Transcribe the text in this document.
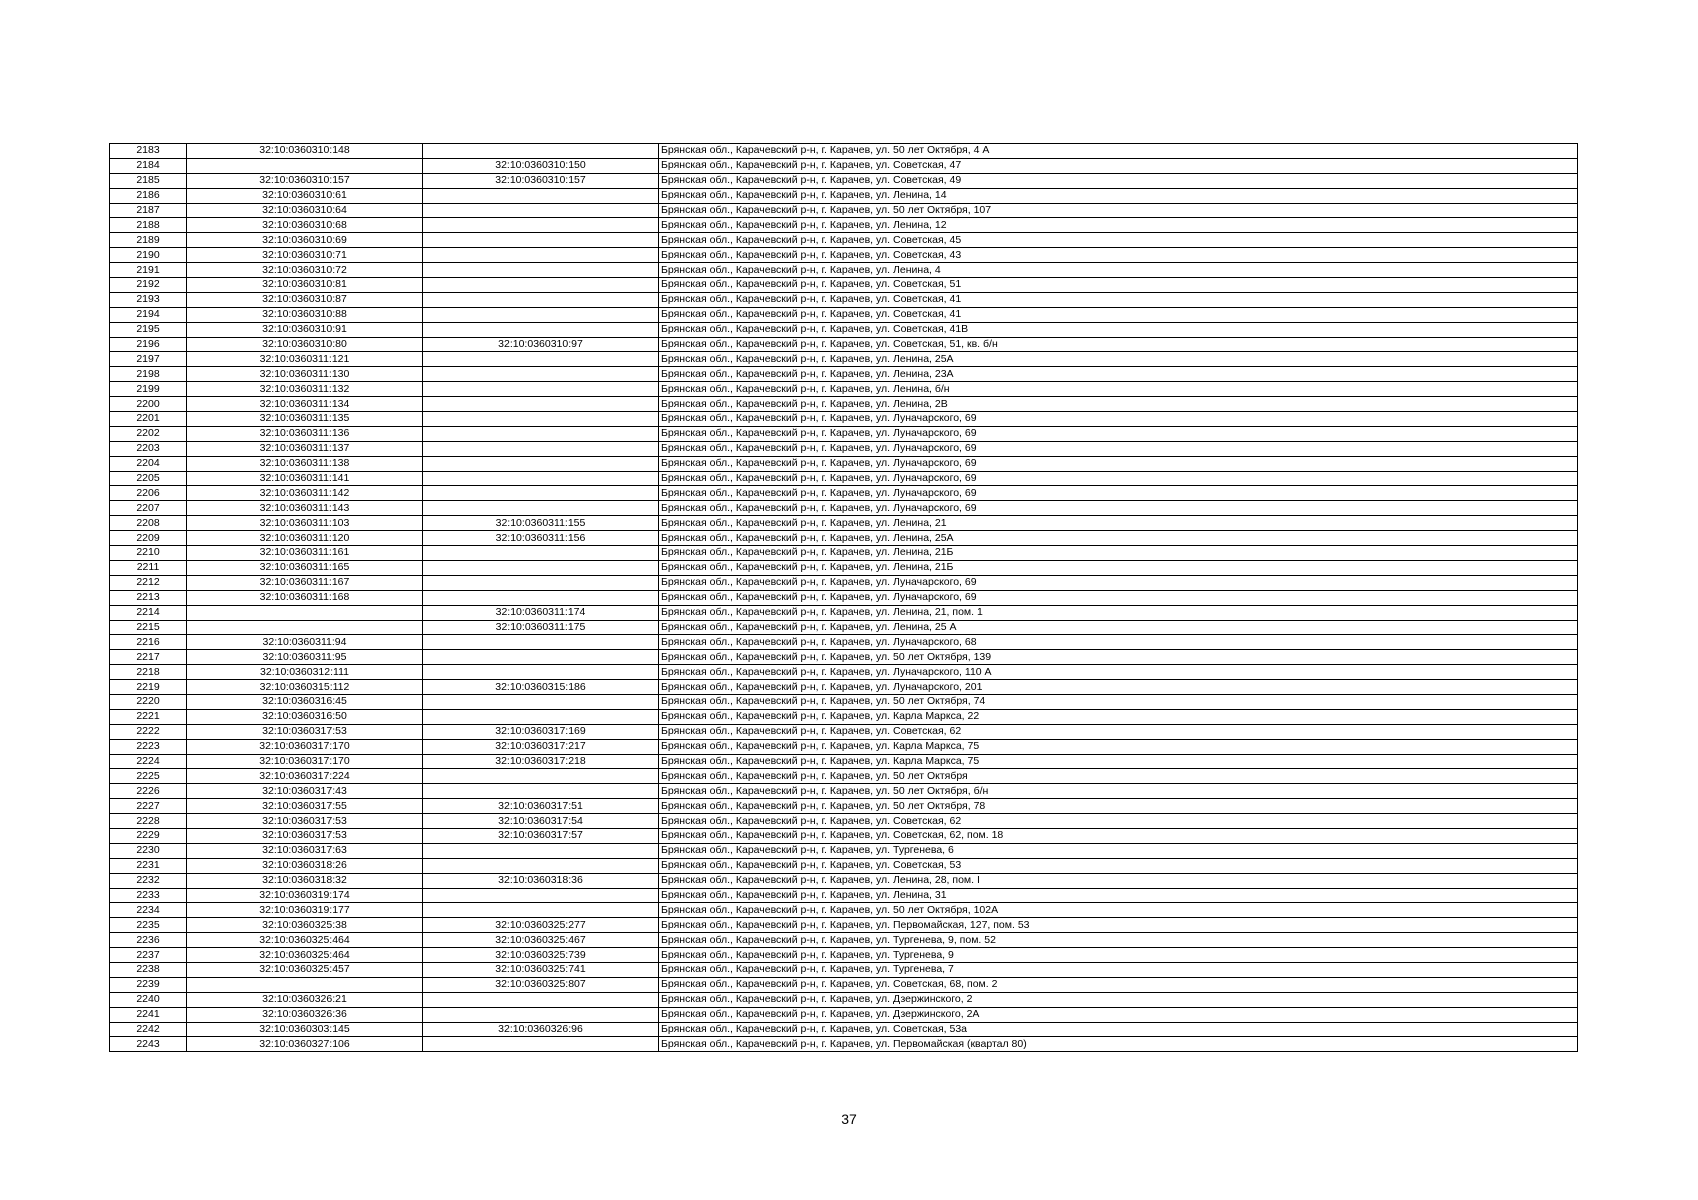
2183	32:10:0360310:148		Брянская обл., Карачевский р-н, г. Карачев, ул. 50 лет Октября, 4 А
2184		32:10:0360310:150	Брянская обл., Карачевский р-н, г. Карачев, ул. Советская, 47
2185	32:10:0360310:157	32:10:0360310:157	Брянская обл., Карачевский р-н, г. Карачев, ул. Советская, 49
2186	32:10:0360310:61		Брянская обл., Карачевский р-н, г. Карачев, ул. Ленина, 14
2187	32:10:0360310:64		Брянская обл., Карачевский р-н, г. Карачев, ул. 50 лет Октября, 107
2188	32:10:0360310:68		Брянская обл., Карачевский р-н, г. Карачев, ул. Ленина, 12
2189	32:10:0360310:69		Брянская обл., Карачевский р-н, г. Карачев, ул. Советская, 45
2190	32:10:0360310:71		Брянская обл., Карачевский р-н, г. Карачев, ул. Советская, 43
2191	32:10:0360310:72		Брянская обл., Карачевский р-н, г. Карачев, ул. Ленина, 4
2192	32:10:0360310:81		Брянская обл., Карачевский р-н, г. Карачев, ул. Советская, 51
2193	32:10:0360310:87		Брянская обл., Карачевский р-н, г. Карачев, ул. Советская, 41
2194	32:10:0360310:88		Брянская обл., Карачевский р-н, г. Карачев, ул. Советская, 41
2195	32:10:0360310:91		Брянская обл., Карачевский р-н, г. Карачев, ул. Советская, 41В
2196	32:10:0360310:80	32:10:0360310:97	Брянская обл., Карачевский р-н, г. Карачев, ул. Советская, 51, кв. б/н
2197	32:10:0360311:121		Брянская обл., Карачевский р-н, г. Карачев, ул. Ленина, 25А
2198	32:10:0360311:130		Брянская обл., Карачевский р-н, г. Карачев, ул. Ленина, 23А
2199	32:10:0360311:132		Брянская обл., Карачевский р-н, г. Карачев, ул. Ленина, б/н
2200	32:10:0360311:134		Брянская обл., Карачевский р-н, г. Карачев, ул. Ленина, 2В
2201	32:10:0360311:135		Брянская обл., Карачевский р-н, г. Карачев, ул. Луначарского, 69
2202	32:10:0360311:136		Брянская обл., Карачевский р-н, г. Карачев, ул. Луначарского, 69
2203	32:10:0360311:137		Брянская обл., Карачевский р-н, г. Карачев, ул. Луначарского, 69
2204	32:10:0360311:138		Брянская обл., Карачевский р-н, г. Карачев, ул. Луначарского, 69
2205	32:10:0360311:141		Брянская обл., Карачевский р-н, г. Карачев, ул. Луначарского, 69
2206	32:10:0360311:142		Брянская обл., Карачевский р-н, г. Карачев, ул. Луначарского, 69
2207	32:10:0360311:143		Брянская обл., Карачевский р-н, г. Карачев, ул. Луначарского, 69
2208	32:10:0360311:103	32:10:0360311:155	Брянская обл., Карачевский р-н, г. Карачев, ул. Ленина, 21
2209	32:10:0360311:120	32:10:0360311:156	Брянская обл., Карачевский р-н, г. Карачев, ул. Ленина, 25А
2210	32:10:0360311:161		Брянская обл., Карачевский р-н, г. Карачев, ул. Ленина, 21Б
2211	32:10:0360311:165		Брянская обл., Карачевский р-н, г. Карачев, ул. Ленина, 21Б
2212	32:10:0360311:167		Брянская обл., Карачевский р-н, г. Карачев, ул. Луначарского, 69
2213	32:10:0360311:168		Брянская обл., Карачевский р-н, г. Карачев, ул. Луначарского, 69
2214		32:10:0360311:174	Брянская обл., Карачевский р-н, г. Карачев, ул. Ленина, 21, пом. 1
2215		32:10:0360311:175	Брянская обл., Карачевский р-н, г. Карачев, ул. Ленина, 25 А
2216	32:10:0360311:94		Брянская обл., Карачевский р-н, г. Карачев, ул. Луначарского, 68
2217	32:10:0360311:95		Брянская обл., Карачевский р-н, г. Карачев, ул. 50 лет Октября, 139
2218	32:10:0360312:111		Брянская обл., Карачевский р-н, г. Карачев, ул. Луначарского, 110 А
2219	32:10:0360315:112	32:10:0360315:186	Брянская обл., Карачевский р-н, г. Карачев, ул. Луначарского, 201
2220	32:10:0360316:45		Брянская обл., Карачевский р-н, г. Карачев, ул. 50 лет Октября, 74
2221	32:10:0360316:50		Брянская обл., Карачевский р-н, г. Карачев, ул. Карла Маркса, 22
2222	32:10:0360317:53	32:10:0360317:169	Брянская обл., Карачевский р-н, г. Карачев, ул. Советская, 62
2223	32:10:0360317:170	32:10:0360317:217	Брянская обл., Карачевский р-н, г. Карачев, ул. Карла Маркса, 75
2224	32:10:0360317:170	32:10:0360317:218	Брянская обл., Карачевский р-н, г. Карачев, ул. Карла Маркса, 75
2225	32:10:0360317:224		Брянская обл., Карачевский р-н, г. Карачев, ул. 50 лет Октября
2226	32:10:0360317:43		Брянская обл., Карачевский р-н, г. Карачев, ул. 50 лет Октября, б/н
2227	32:10:0360317:55	32:10:0360317:51	Брянская обл., Карачевский р-н, г. Карачев, ул. 50 лет Октября, 78
2228	32:10:0360317:53	32:10:0360317:54	Брянская обл., Карачевский р-н, г. Карачев, ул. Советская, 62
2229	32:10:0360317:53	32:10:0360317:57	Брянская обл., Карачевский р-н, г. Карачев, ул. Советская, 62, пом. 18
2230	32:10:0360317:63		Брянская обл., Карачевский р-н, г. Карачев, ул. Тургенева, 6
2231	32:10:0360318:26		Брянская обл., Карачевский р-н, г. Карачев, ул. Советская, 53
2232	32:10:0360318:32	32:10:0360318:36	Брянская обл., Карачевский р-н, г. Карачев, ул. Ленина, 28, пом. I
2233	32:10:0360319:174		Брянская обл., Карачевский р-н, г. Карачев, ул. Ленина, 31
2234	32:10:0360319:177		Брянская обл., Карачевский р-н, г. Карачев, ул. 50 лет Октября, 102А
2235	32:10:0360325:38	32:10:0360325:277	Брянская обл., Карачевский р-н, г. Карачев, ул. Первомайская, 127, пом. 53
2236	32:10:0360325:464	32:10:0360325:467	Брянская обл., Карачевский р-н, г. Карачев, ул. Тургенева, 9, пом. 52
2237	32:10:0360325:464	32:10:0360325:739	Брянская обл., Карачевский р-н, г. Карачев, ул. Тургенева, 9
2238	32:10:0360325:457	32:10:0360325:741	Брянская обл., Карачевский р-н, г. Карачев, ул. Тургенева, 7
2239		32:10:0360325:807	Брянская обл., Карачевский р-н, г. Карачев, ул. Советская, 68, пом. 2
2240	32:10:0360326:21		Брянская обл., Карачевский р-н, г. Карачев, ул. Дзержинского, 2
2241	32:10:0360326:36		Брянская обл., Карачевский р-н, г. Карачев, ул. Дзержинского, 2А
2242	32:10:0360303:145	32:10:0360326:96	Брянская обл., Карачевский р-н, г. Карачев, ул. Советская, 53а
2243	32:10:0360327:106		Брянская обл., Карачевский р-н, г. Карачев, ул. Первомайская (квартал 80)
37
